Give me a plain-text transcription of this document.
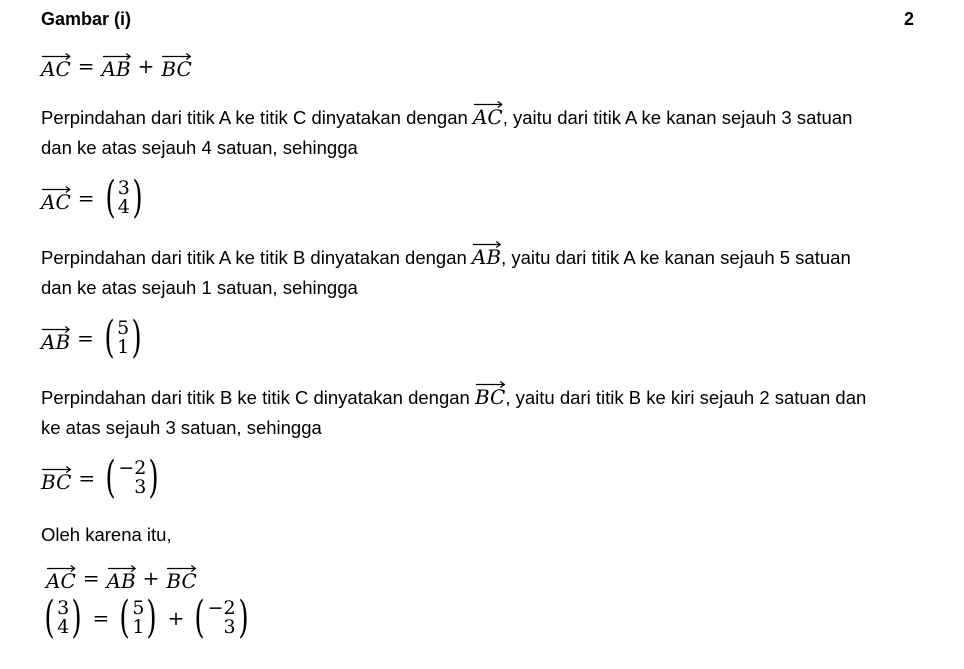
Gambar (i)	2
AC = AB + BC
Perpindahan dari titik A ke titik C dinyatakan dengan
AC, yaitu dari titik A ke kanan sejauh 3 satuan
dan ke atas sejauh 4 satuan, sehingga
AC = ( 3
4 )
Perpindahan dari titik A ke titik B dinyatakan dengan
AB, yaitu dari titik A ke kanan sejauh 5 satuan
dan ke atas sejauh 1 satuan, sehingga
AB = ( 5
1 )
Perpindahan dari titik B ke titik C dinyatakan dengan
BC, yaitu dari titik B ke kiri sejauh 2 satuan dan
ke atas sejauh 3 satuan, sehingga
BC = ( −2
3 )
Oleh karena itu,
AC = AB + BC
( 3
4 ) = ( 5
1 ) + ( −2
3 )
